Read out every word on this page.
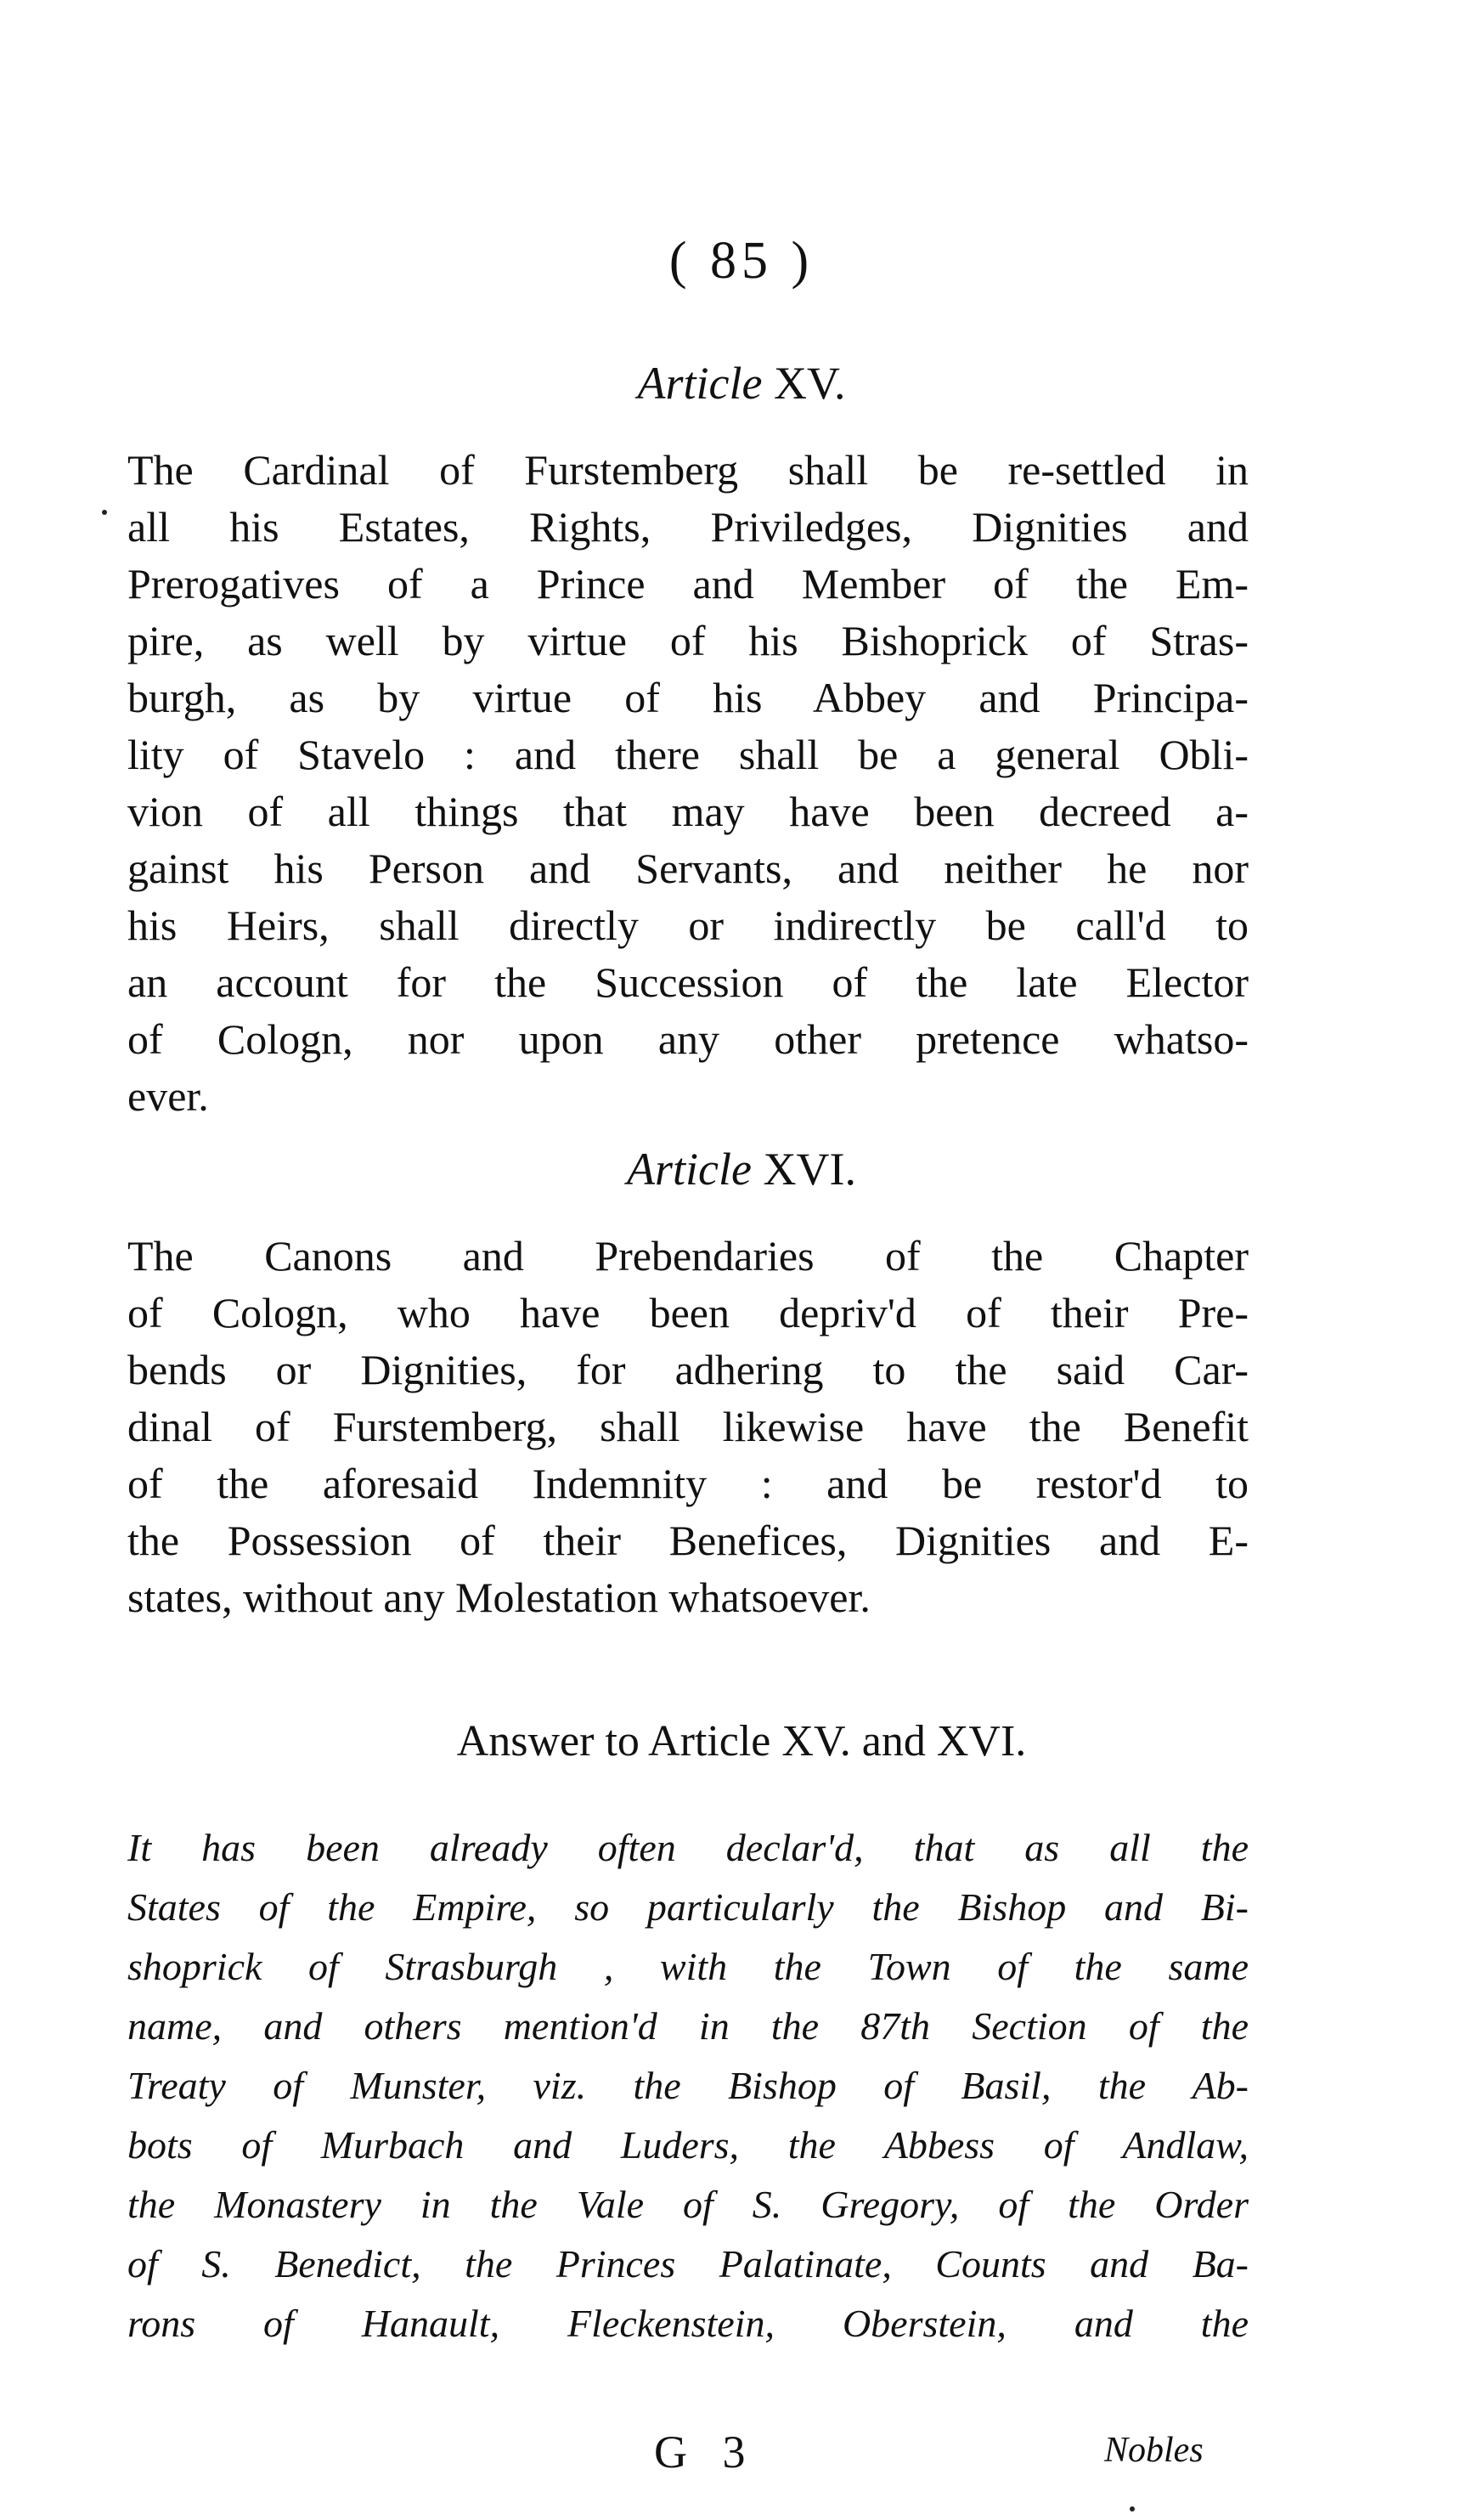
( 85 )
Article XV.
The Cardinal of Furstemberg shall be re-settled in
all his Estates, Rights, Priviledges, Dignities and
Prerogatives of a Prince and Member of the Em-
pire, as well by virtue of his Bishoprick of Stras-
burgh, as by virtue of his Abbey and Principa-
lity of Stavelo : and there shall be a general Obli-
vion of all things that may have been decreed a-
gainst his Person and Servants, and neither he nor
his Heirs, shall directly or indirectly be call'd to
an account for the Succession of the late Elector
of Cologn, nor upon any other pretence whatso-
ever.
Article XVI.
The Canons and Prebendaries of the Chapter
of Cologn, who have been depriv'd of their Pre-
bends or Dignities, for adhering to the said Car-
dinal of Furstemberg, shall likewise have the Benefit
of the aforesaid Indemnity : and be restor'd to
the Possession of their Benefices, Dignities and E-
states, without any Molestation whatsoever.
Answer to Article XV. and XVI.
It has been already often declar'd, that as all the
States of the Empire, so particularly the Bishop and Bi-
shoprick of Strasburgh , with the Town of the same
name, and others mention'd in the 87th Section of the
Treaty of Munster, viz. the Bishop of Basil, the Ab-
bots of Murbach and Luders, the Abbess of Andlaw,
the Monastery in the Vale of S. Gregory, of the Order
of S. Benedict, the Princes Palatinate, Counts and Ba-
rons of Hanault, Fleckenstein, Oberstein, and the
G 3	Nobles
